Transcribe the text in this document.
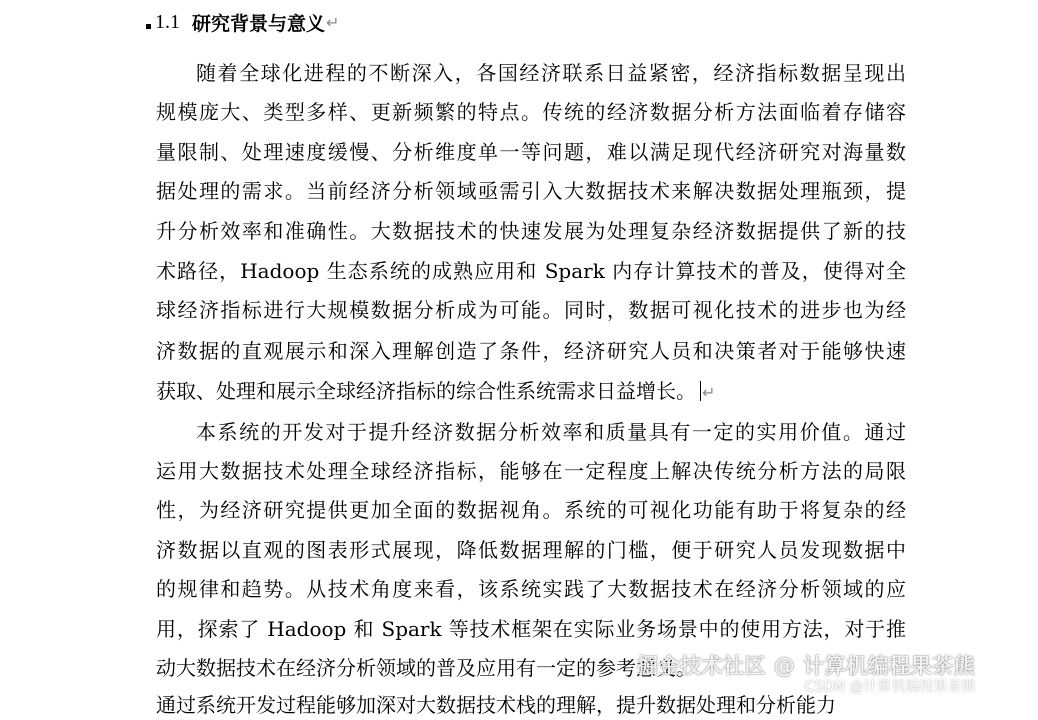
1.1 研究背景与意义 ↵
随着全球化进程的不断深入，各国经济联系日益紧密，经济指标数据呈现出
规模庞大、类型多样、更新频繁的特点。传统的经济数据分析方法面临着存储容
量限制、处理速度缓慢、分析维度单一等问题，难以满足现代经济研究对海量数
据处理的需求。当前经济分析领域亟需引入大数据技术来解决数据处理瓶颈，提
升分析效率和准确性。大数据技术的快速发展为处理复杂经济数据提供了新的技
术路径，Hadoop 生态系统的成熟应用和 Spark 内存计算技术的普及，使得对全
球经济指标进行大规模数据分析成为可能。同时，数据可视化技术的进步也为经
济数据的直观展示和深入理解创造了条件，经济研究人员和决策者对于能够快速
获取、处理和展示全球经济指标的综合性系统需求日益增长。 ↵
本系统的开发对于提升经济数据分析效率和质量具有一定的实用价值。通过
运用大数据技术处理全球经济指标，能够在一定程度上解决传统分析方法的局限
性，为经济研究提供更加全面的数据视角。系统的可视化功能有助于将复杂的经
济数据以直观的图表形式展现，降低数据理解的门槛，便于研究人员发现数据中
的规律和趋势。从技术角度来看，该系统实践了大数据技术在经济分析领域的应
用，探索了 Hadoop 和 Spark 等技术框架在实际业务场景中的使用方法，对于推
动大数据技术在经济分析领域的普及应用有一定的参考意义。
通过系统开发过程能够加深对大数据技术栈的理解，提升数据处理和分析能力
掘金技术社区 @ 计算机编程果茶熊
CSDN @计算机编程果茶熊
